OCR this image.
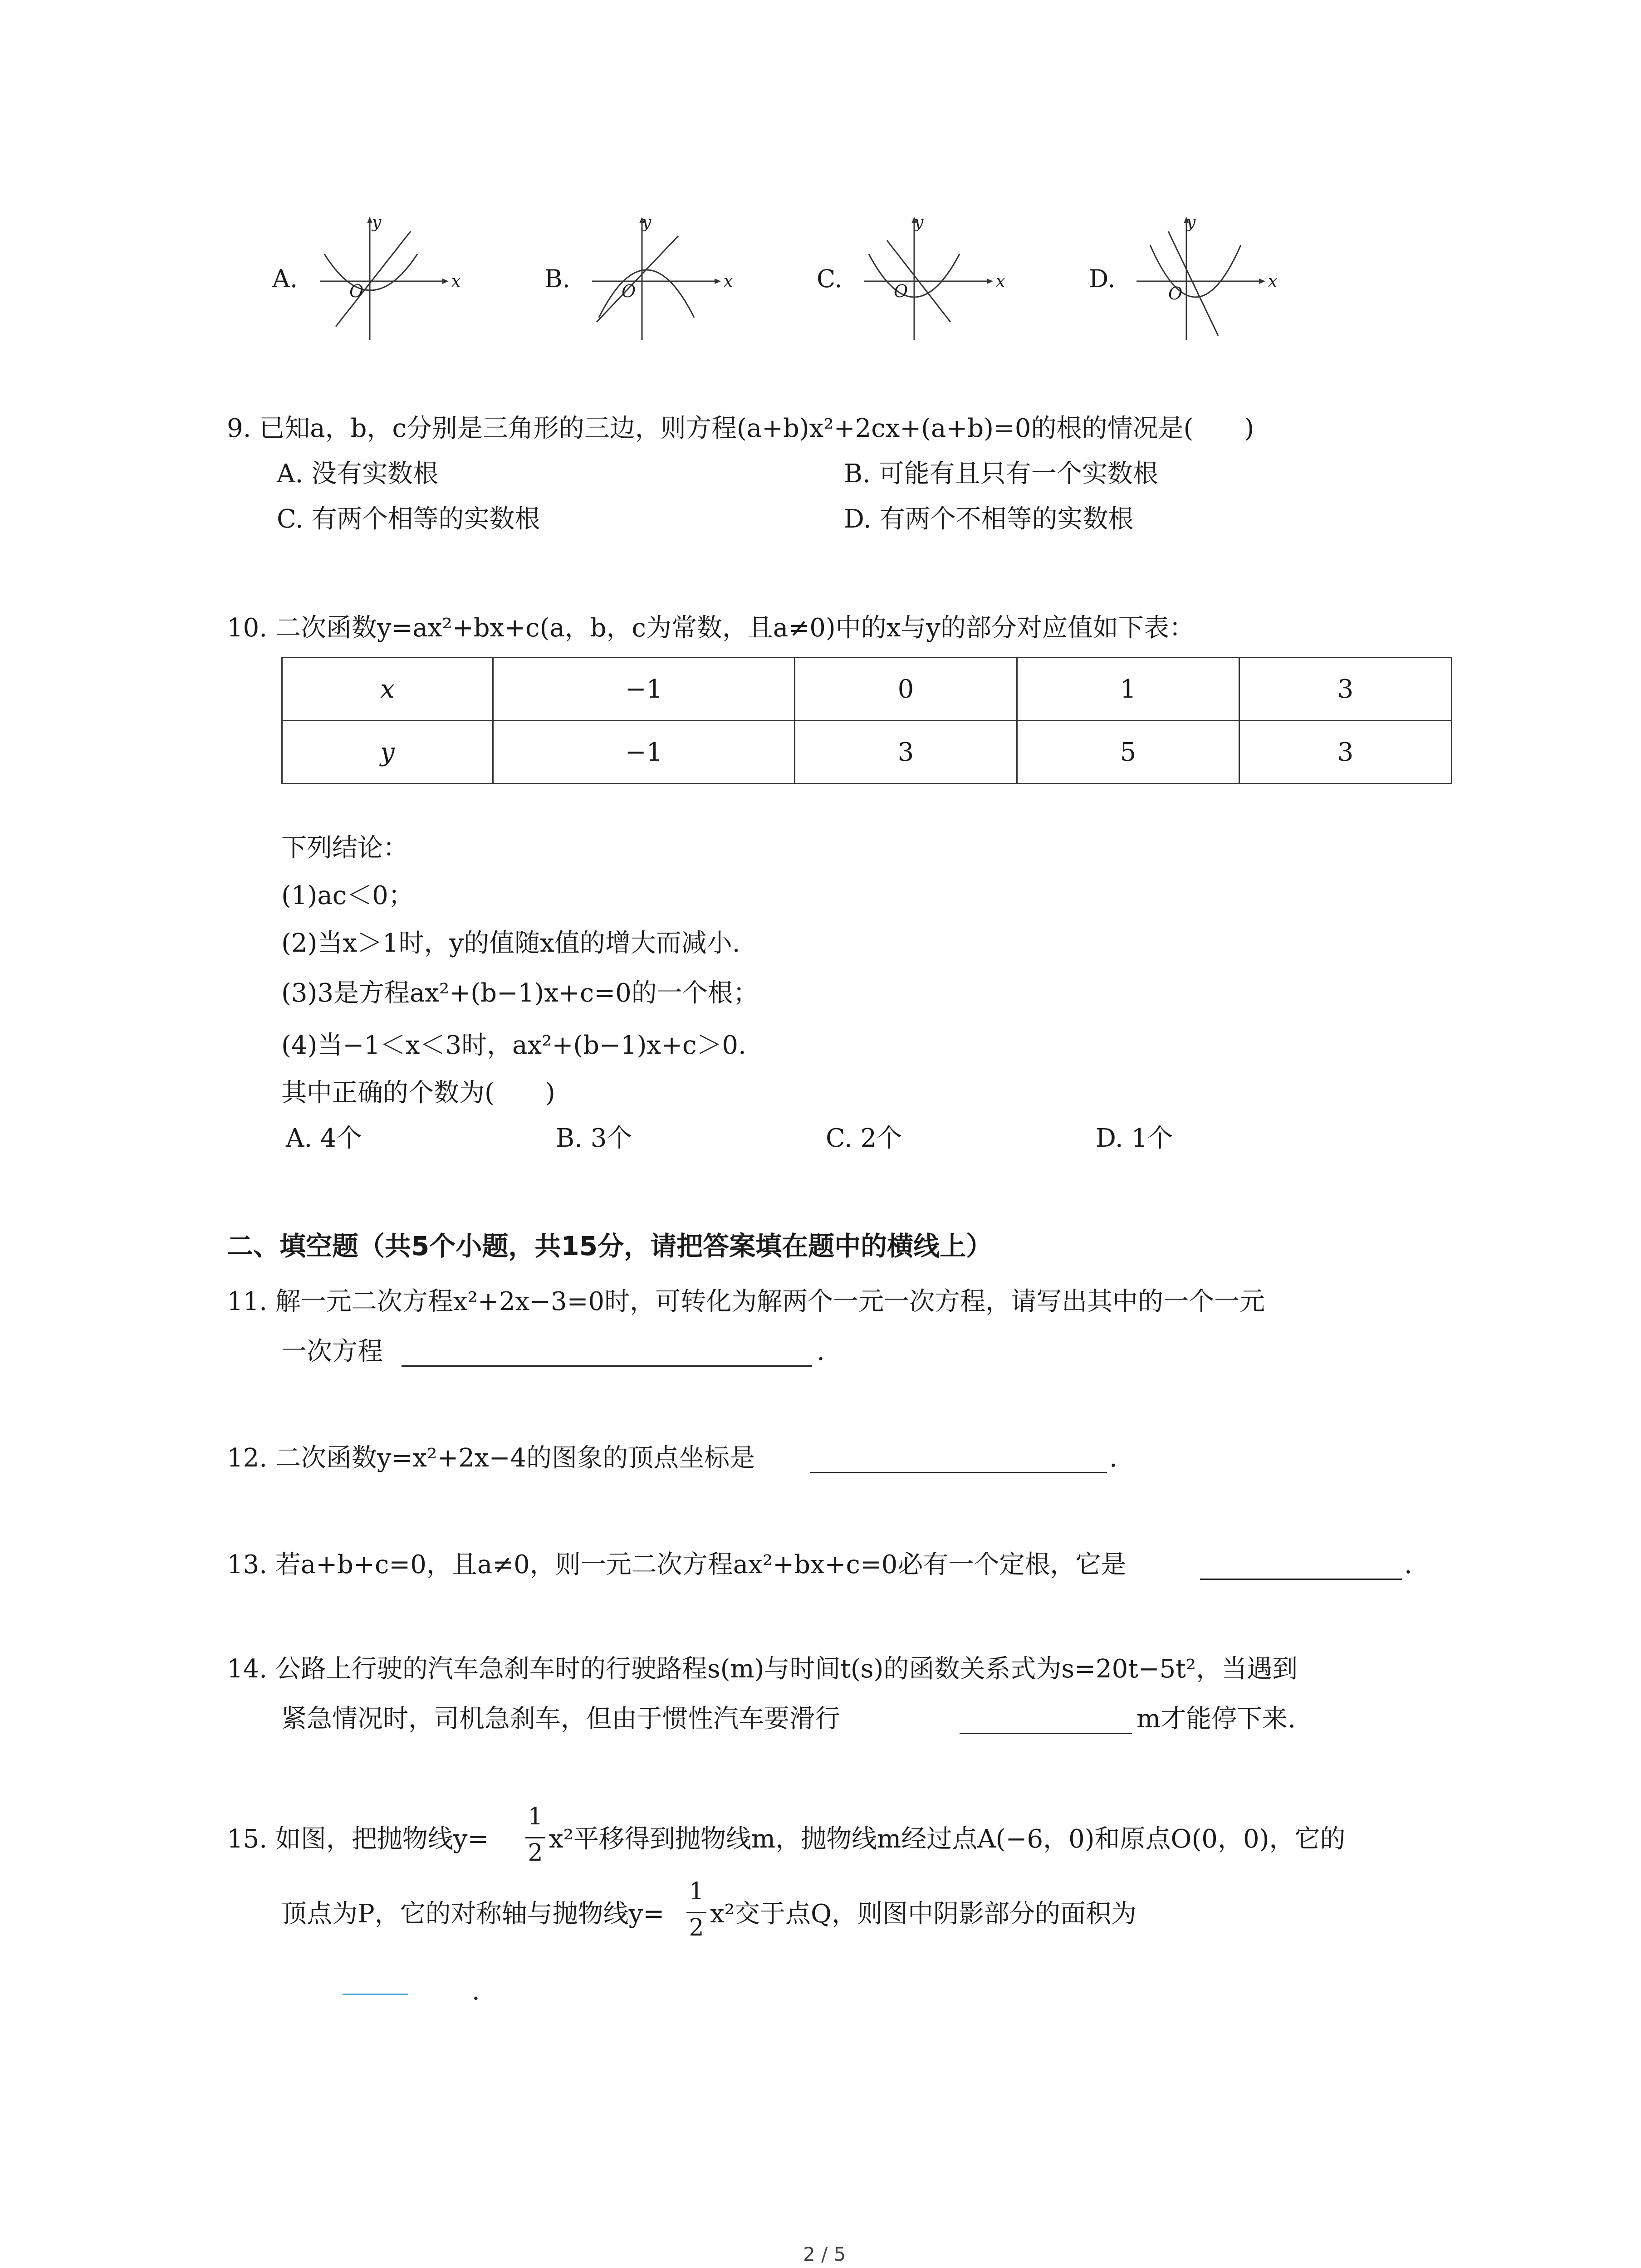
A.
y
x
O	B.
y
x
O	C.
y
x
O	D.
y
x
O
9. 已知a，b，c分别是三角形的三边，则方程(a+b)x²+2cx+(a+b)=0的根的情况是(　　)
A. 没有实数根	B. 可能有且只有一个实数根
C. 有两个相等的实数根	D. 有两个不相等的实数根
10. 二次函数y=ax²+bx+c(a，b，c为常数，且a≠0)中的x与y的部分对应值如下表：
x	−1	0	1	3
y	−1	3	5	3
下列结论：
(1)ac＜0；
(2)当x＞1时，y的值随x值的增大而减小.
(3)3是方程ax²+(b−1)x+c=0的一个根；
(4)当−1＜x＜3时，ax²+(b−1)x+c＞0.
其中正确的个数为(　　)
A. 4个	B. 3个	C. 2个	D. 1个
二、填空题（共5个小题，共15分，请把答案填在题中的横线上）
11. 解一元二次方程x²+2x−3=0时，可转化为解两个一元一次方程，请写出其中的一个一元
一次方程	.
12. 二次函数y=x²+2x−4的图象的顶点坐标是	.
13. 若a+b+c=0，且a≠0，则一元二次方程ax²+bx+c=0必有一个定根，它是	.
14. 公路上行驶的汽车急刹车时的行驶路程s(m)与时间t(s)的函数关系式为s=20t−5t²，当遇到
紧急情况时，司机急刹车，但由于惯性汽车要滑行	m才能停下来.
15. 如图，把抛物线y=
1
2 x²平移得到抛物线m，抛物线m经过点A(−6，0)和原点O(0，0)，它的
顶点为P，它的对称轴与抛物线y=
1
2 x²交于点Q，则图中阴影部分的面积为
.
2 / 5
